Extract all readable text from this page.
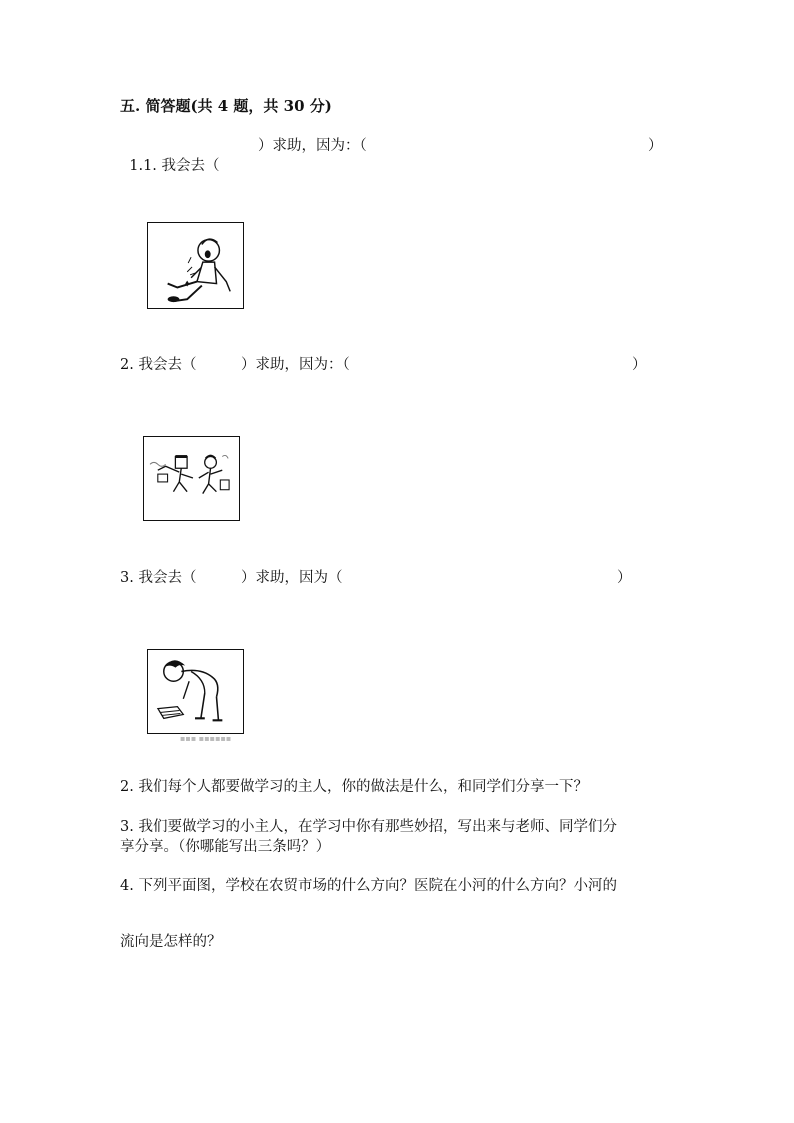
五. 简答题(共 4 题，共 30 分)

1.1. 我会去（

）求助，因为：（	）
2. 我会去（	）求助，因为：（	）
3. 我会去（	）求助，因为（	）
▪▪▪ ▪▪▪▪▪▪
2. 我们每个人都要做学习的主人，你的做法是什么，和同学们分享一下？
3. 我们要做学习的小主人，在学习中你有那些妙招，写出来与老师、同学们分
享分享。（你哪能写出三条吗？）
4. 下列平面图，学校在农贸市场的什么方向？医院在小河的什么方向？小河的
流向是怎样的？
